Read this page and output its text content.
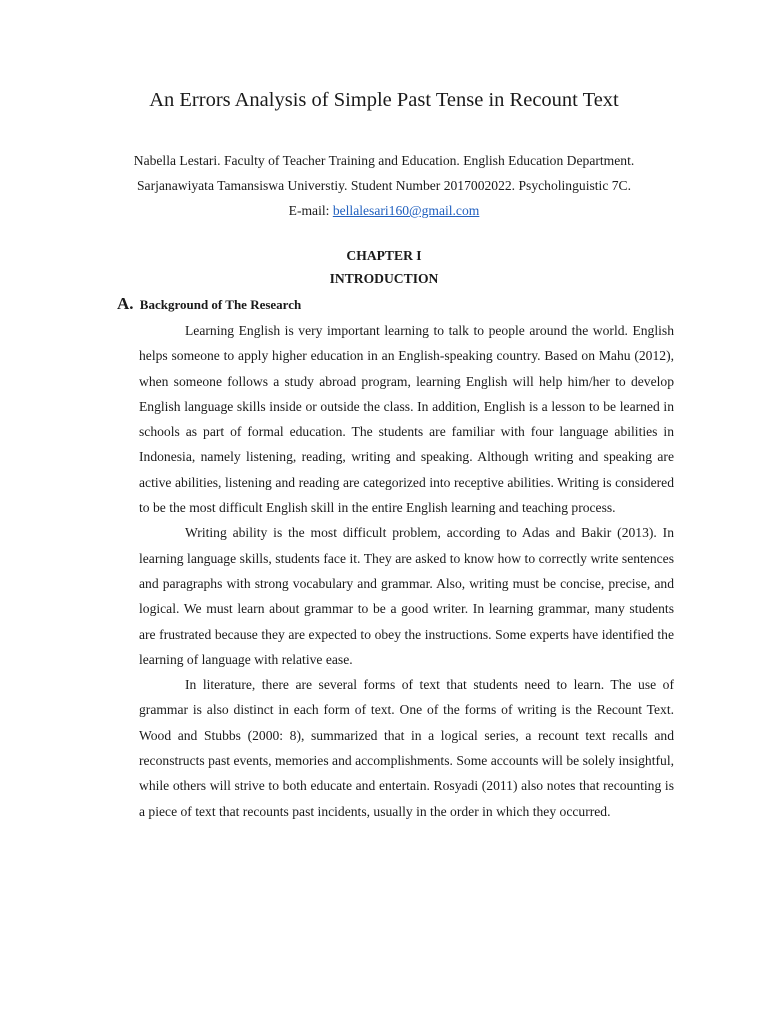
An Errors Analysis of Simple Past Tense in Recount Text
Nabella Lestari. Faculty of Teacher Training and Education. English Education Department.
Sarjanawiyata Tamansiswa Universtiy. Student Number 2017002022. Psycholinguistic 7C.
E-mail: bellalesari160@gmail.com
CHAPTER I
INTRODUCTION
A. Background of The Research

Learning English is very important learning to talk to people around the world. English helps someone to apply higher education in an English-speaking country. Based on Mahu (2012), when someone follows a study abroad program, learning English will help him/her to develop English language skills inside or outside the class. In addition, English is a lesson to be learned in schools as part of formal education. The students are familiar with four language abilities in Indonesia, namely listening, reading, writing and speaking. Although writing and speaking are active abilities, listening and reading are categorized into receptive abilities. Writing is considered to be the most difficult English skill in the entire English learning and teaching process.

Writing ability is the most difficult problem, according to Adas and Bakir (2013). In learning language skills, students face it. They are asked to know how to correctly write sentences and paragraphs with strong vocabulary and grammar. Also, writing must be concise, precise, and logical. We must learn about grammar to be a good writer. In learning grammar, many students are frustrated because they are expected to obey the instructions. Some experts have identified the learning of language with relative ease.

In literature, there are several forms of text that students need to learn. The use of grammar is also distinct in each form of text. One of the forms of writing is the Recount Text. Wood and Stubbs (2000: 8), summarized that in a logical series, a recount text recalls and reconstructs past events, memories and accomplishments. Some accounts will be solely insightful, while others will strive to both educate and entertain. Rosyadi (2011) also notes that recounting is a piece of text that recounts past incidents, usually in the order in which they occurred.
